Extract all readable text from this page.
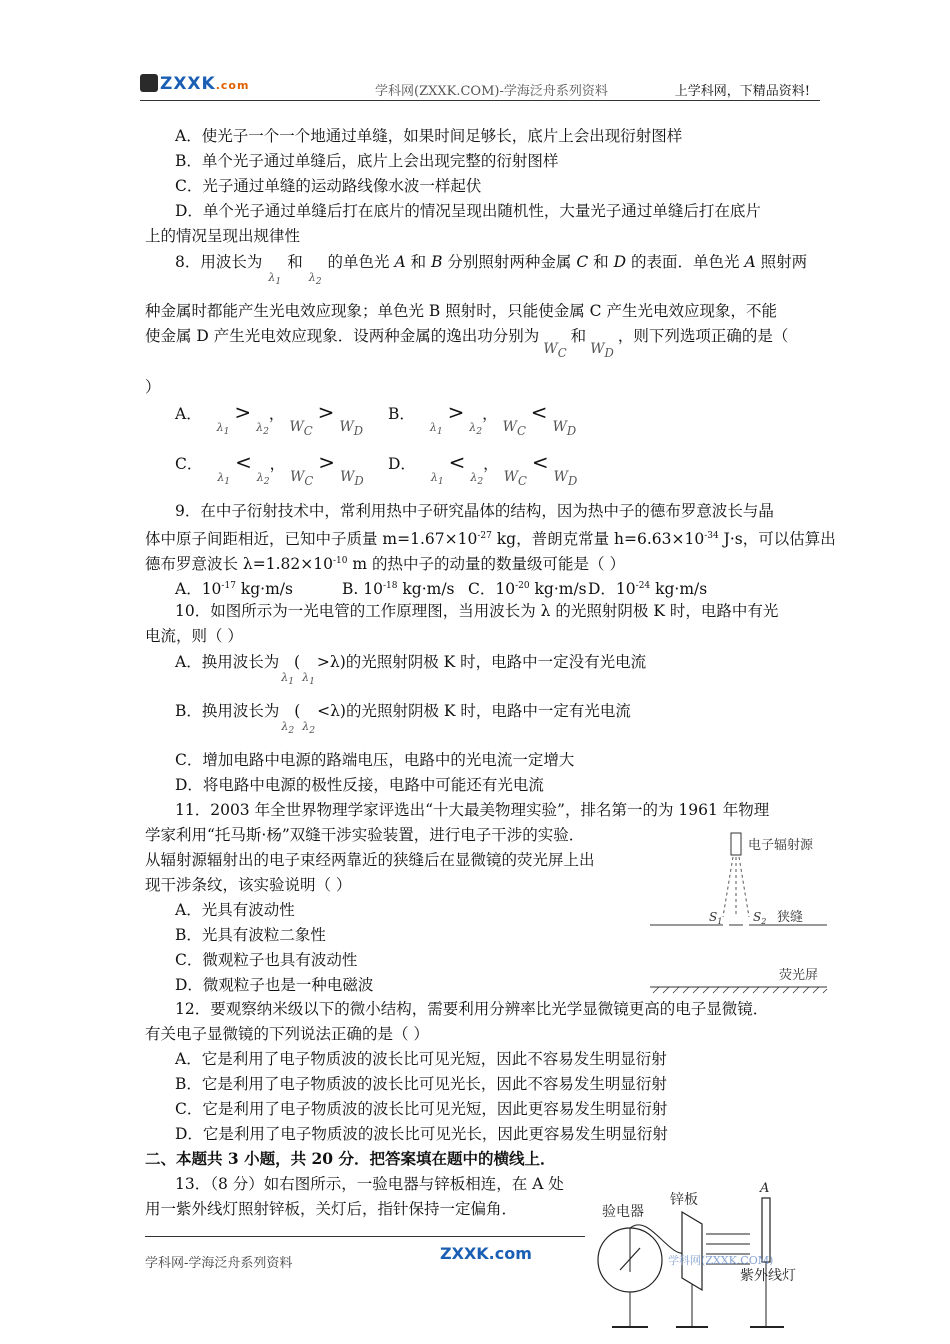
ZXXK.com	学科网(ZXXK.COM)-学海泛舟系列资料	上学科网，下精品资料!
A．使光子一个一个地通过单缝，如果时间足够长，底片上会出现衍射图样
B．单个光子通过单缝后，底片上会出现完整的衍射图样
C．光子通过单缝的运动路线像水波一样起伏
D．单个光子通过单缝后打在底片的情况呈现出随机性，大量光子通过单缝后打在底片
上的情况呈现出规律性
8．用波长为$_{\lambda_1}$和$_{\lambda_2}$的单色光 A 和 B 分别照射两种金属 C 和 D 的表面．单色光 A 照射两
种金属时都能产生光电效应现象；单色光 B 照射时，只能使金属 C 产生光电效应现象，不能
使金属 D 产生光电效应现象．设两种金属的逸出功分别为$W_C$和$W_D$，则下列选项正确的是（
）
A． $_{\lambda_1}$ > $_{\lambda_2}$， $W_C > W_D$
B． $_{\lambda_1}$ > $_{\lambda_2}$， $W_C < W_D$
C． $_{\lambda_1}$ < $_{\lambda_2}$， $W_C > W_D$
D． $_{\lambda_1}$ < $_{\lambda_2}$， $W_C < W_D$
9．在中子衍射技术中，常利用热中子研究晶体的结构，因为热中子的德布罗意波长与晶
体中原子间距相近，已知中子质量 $m=1.67\times 10^{-27}$ kg，普朗克常量 $h=6.63\times 10^{-34}$ J·s，可以估算出
德布罗意波长 $\lambda=1.82\times 10^{-10}$ m 的热中子的动量的数量级可能是（ ）
A．$10^{-17}$ kg·m/s	B. $10^{-18}$ kg·m/s C．$10^{-20}$ kg·m/s D．$10^{-24}$ kg·m/s
10．如图所示为一光电管的工作原理图，当用波长为 λ 的光照射阴极 K 时，电路中有光
电流，则（ ）
A．换用波长为$_{\lambda_1}(_{\lambda_1}>\lambda)$的光照射阴极 K 时，电路中一定没有光电流
B．换用波长为$_{\lambda_2}(_{\lambda_2}<\lambda)$的光照射阴极 K 时，电路中一定有光电流
C．增加电路中电源的路端电压，电路中的光电流一定增大
D．将电路中电源的极性反接，电路中可能还有光电流
11．2003 年全世界物理学家评选出“十大最美物理实验”，排名第一的为 1961 年物理
学家利用“托马斯·杨”双缝干涉实验装置，进行电子干涉的实验．
从辐射源辐射出的电子束经两靠近的狭缝后在显微镜的荧光屏上出
现干涉条纹，该实验说明（ ）
A．光具有波动性
B．光具有波粒二象性
C．微观粒子也具有波动性
D．微观粒子也是一种电磁波
电子辐射源
$S_1$	$S_2$ 狭缝
荧光屏
12．要观察纳米级以下的微小结构，需要利用分辨率比光学显微镜更高的电子显微镜．
有关电子显微镜的下列说法正确的是（ ）
A．它是利用了电子物质波的波长比可见光短，因此不容易发生明显衍射
B．它是利用了电子物质波的波长比可见光长，因此不容易发生明显衍射
C．它是利用了电子物质波的波长比可见光短，因此更容易发生明显衍射
D．它是利用了电子物质波的波长比可见光长，因此更容易发生明显衍射
二、本题共 3 小题，共 20 分．把答案填在题中的横线上．
13．（8 分）如右图所示，一验电器与锌板相连，在 A 处
用一紫外线灯照射锌板，关灯后，指针保持一定偏角．	验电器
锌板
A
紫外线灯
学科网(ZXXK.COM)
学科网-学海泛舟系列资料
ZXXK.com
